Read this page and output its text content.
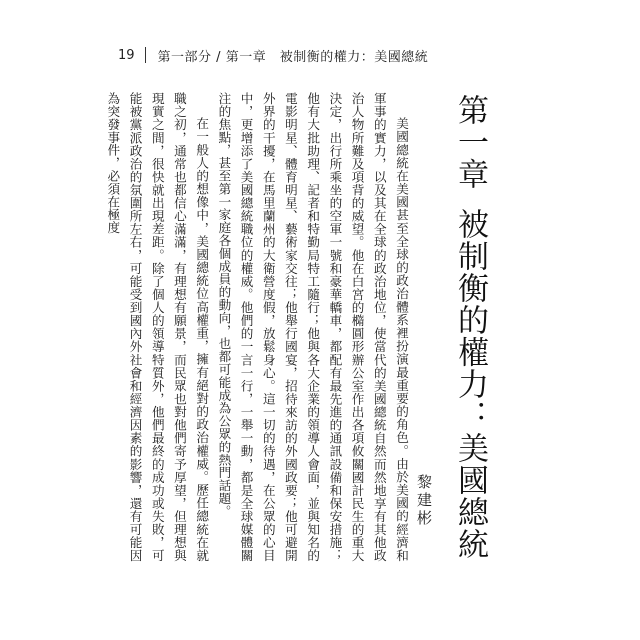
19 第一部分 / 第一章　被制衡的權力：美國總統
第一章被制衡的權力：美國總統
黎建彬

美國總統在美國甚至全球的政治體系裡扮演最重要的角色。由於美國的經濟和軍事的實力，以及其在全球的政治地位，使當代的美國總統自然而然地享有其他政治人物所難及項背的威望。他在白宮的橢圓形辦公室作出各項攸關國計民生的重大決定，出行所乘坐的空軍一號和豪華轎車，都配有最先進的通訊設備和保安措施；他有大批助理、記者和特勤局特工隨行；他與各大企業的領導人會面，並與知名的電影明星、體育明星、藝術家交往；他舉行國宴，招待來訪的外國政要；他可避開外界的干擾，在馬里蘭州的大衛營度假，放鬆身心。這一切的待遇，在公眾的心目中，更增添了美國總統職位的權威。他們的一言一行，一舉一動，都是全球媒體關注的焦點，甚至第一家庭各個成員的動向，也都可能成為公眾的熱門話題。

在一般人的想像中，美國總統位高權重，擁有絕對的政治權威。歷任總統在就職之初，通常也都信心滿滿，有理想有願景，而民眾也對他們寄予厚望，但理想與現實之間，很快就出現差距。除了個人的領導特質外，他們最終的成功或失敗，可能被黨派政治的氛圍所左右，可能受到國內外社會和經濟因素的影響，還有可能因為突發事件，必須在極度
